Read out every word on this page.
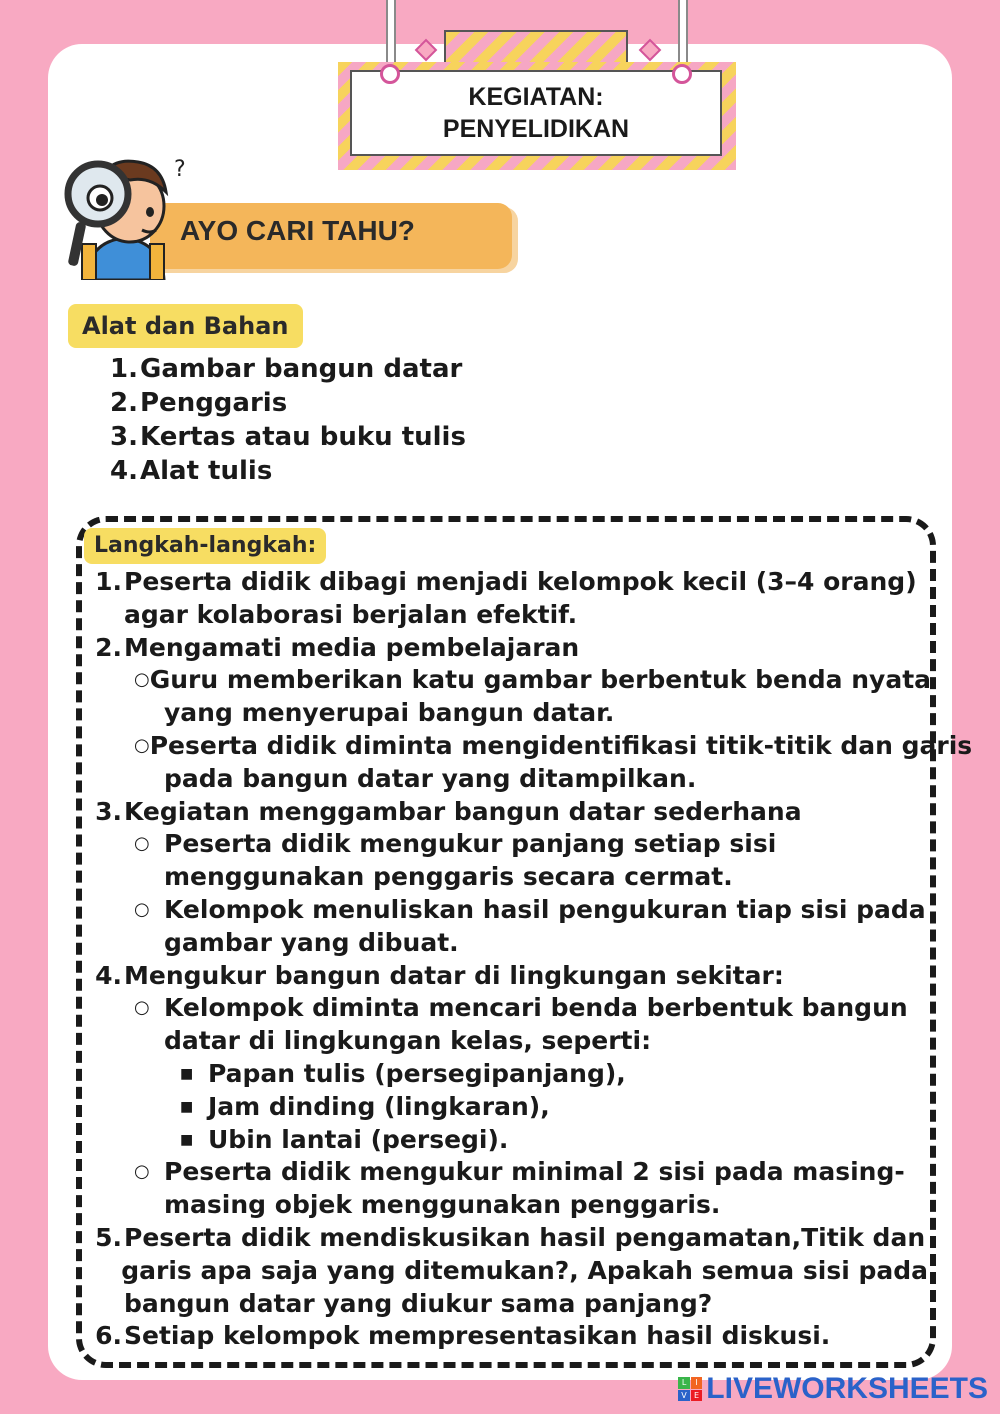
KEGIATAN:
PENYELIDIKAN
AYO CARI TAHU?
?
Alat dan Bahan
1. Gambar bangun datar
2. Penggaris
3. Kertas atau buku tulis
4. Alat tulis
Langkah-langkah:
1. Peserta didik dibagi menjadi kelompok kecil (3–4 orang)
agar kolaborasi berjalan efektif.
2. Mengamati media pembelajaran
○ Guru memberikan katu gambar berbentuk benda nyata
yang menyerupai bangun datar.
○ Peserta didik diminta mengidentifikasi titik-titik dan garis
pada bangun datar yang ditampilkan.
3. Kegiatan menggambar bangun datar sederhana
○ Peserta didik mengukur panjang setiap sisi
menggunakan penggaris secara cermat.
○ Kelompok menuliskan hasil pengukuran tiap sisi pada
gambar yang dibuat.
4. Mengukur bangun datar di lingkungan sekitar:
○ Kelompok diminta mencari benda berbentuk bangun
datar di lingkungan kelas, seperti:
■ Papan tulis (persegipanjang),
■ Jam dinding (lingkaran),
■ Ubin lantai (persegi).
○ Peserta didik mengukur minimal 2 sisi pada masing-
masing objek menggunakan penggaris.
5. Peserta didik mendiskusikan hasil pengamatan,Titik dan
garis apa saja yang ditemukan?, Apakah semua sisi pada
bangun datar yang diukur sama panjang?
6. Setiap kelompok mempresentasikan hasil diskusi.
L	I
V E LIVEWORKSHEETS
